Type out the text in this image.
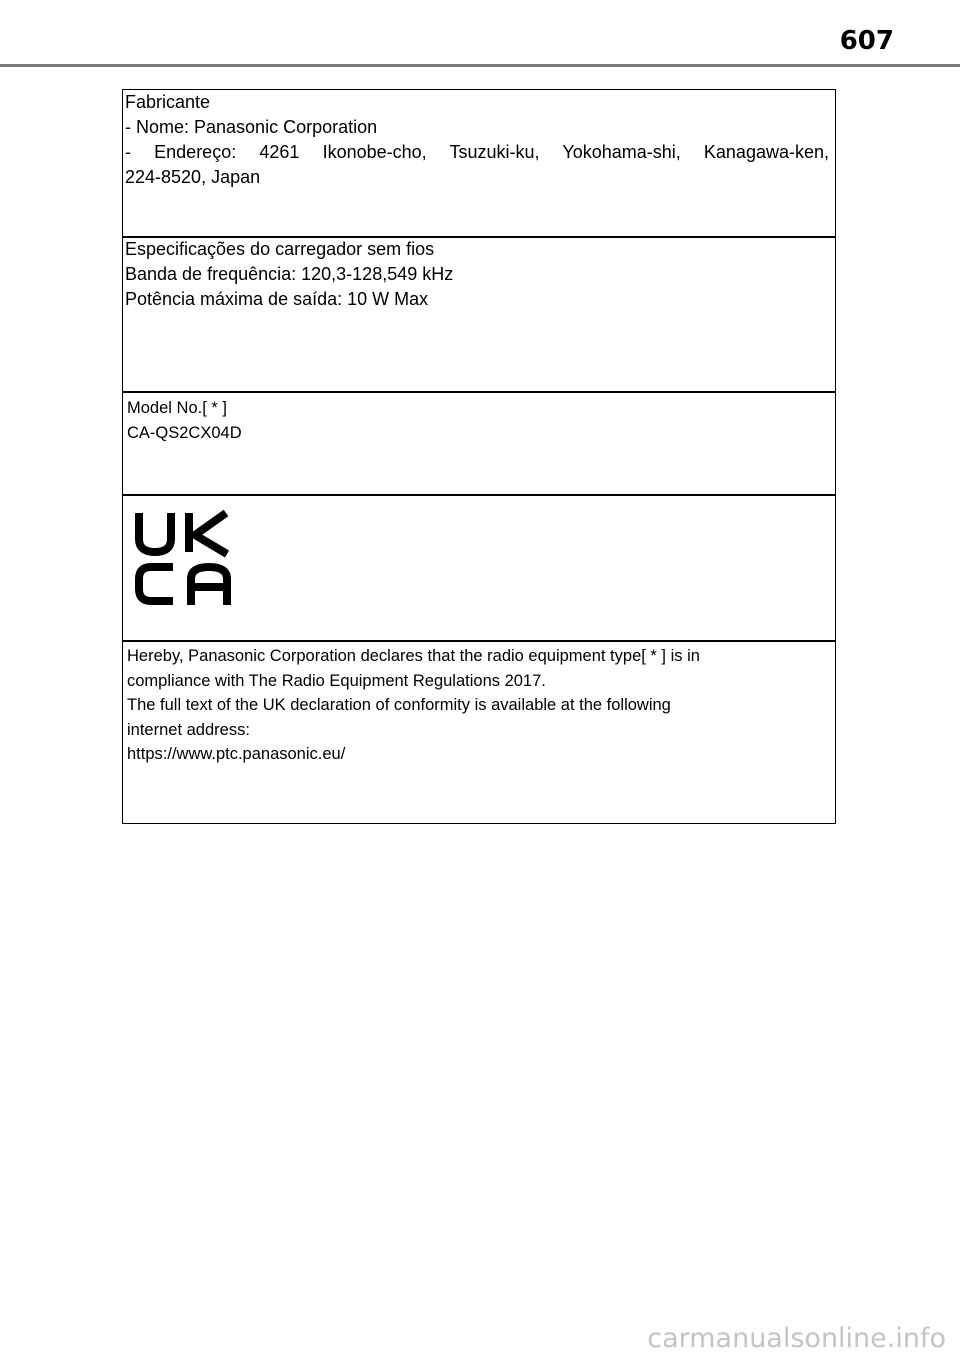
607
Fabricante
- Nome: Panasonic Corporation
- Endereço: 4261 Ikonobe-cho, Tsuzuki-ku, Yokohama-shi, Kanagawa-ken,
224-8520, Japan
Especificações do carregador sem fios
Banda de frequência: 120,3-128,549 kHz
Potência máxima de saída: 10 W Max
Model No.[ * ]
CA-QS2CX04D
Hereby, Panasonic Corporation declares that the radio equipment type[ * ] is in
compliance with The Radio Equipment Regulations 2017.
The full text of the UK declaration of conformity is available at the following
internet address:
https://www.ptc.panasonic.eu/
carmanualsonline.info
